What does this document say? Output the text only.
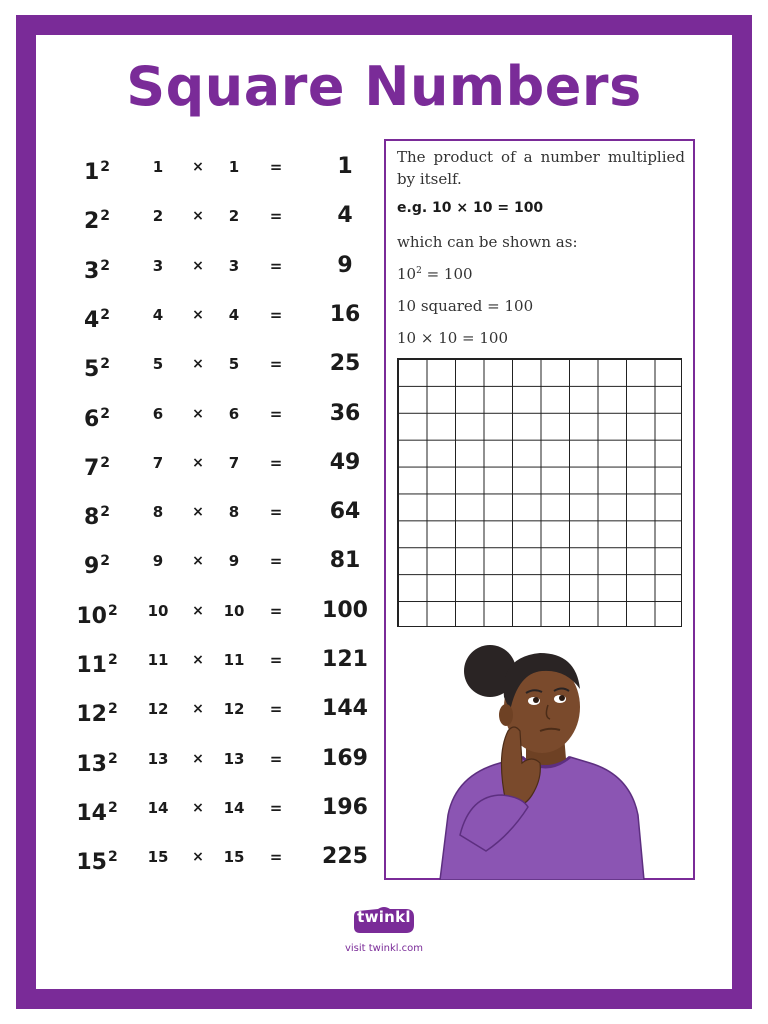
Square Numbers
$1^2$	1	×	1	=	1
$2^2$	2	×	2	=	4
$3^2$	3	×	3	=	9
$4^2$	4	×	4	=	16
$5^2$	5	×	5	=	25
$6^2$	6	×	6	=	36
$7^2$	7	×	7	=	49
$8^2$	8	×	8	=	64
$9^2$	9	×	9	=	81
$10^2$	10	×	10	=	100
$11^2$	11	×	11	=	121
$12^2$	12	×	12	=	144
$13^2$	13	×	13	=	169
$14^2$	14	×	14	=	196
$15^2$	15	×	15	=	225

The product of a number multiplied by itself.

e.g. 10 × 10 = 100

which can be shown as:

$10^2 = 100$

10 squared = 100

10 × 10 = 100

twinkl
visit twinkl.com
